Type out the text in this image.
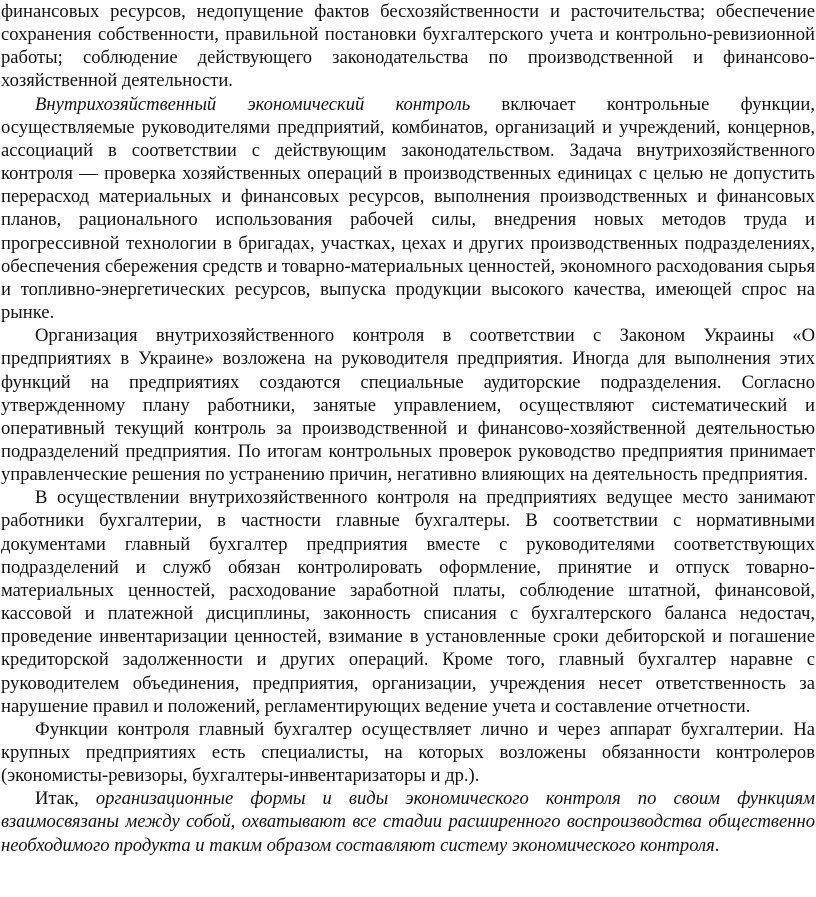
финансовых ресурсов, недопущение фактов бесхозяйственности и расточительства; обеспечение сохранения собственности, правильной постановки бухгалтерского учета и контрольно-ревизионной работы; соблюдение действующего законодательства по производственной и финансово-хозяйственной деятельности.

Внутрихозяйственный экономический контроль включает контрольные функции, осуществляемые руководителями предприятий, комбинатов, организаций и учреждений, концернов, ассоциаций в соответствии с действующим законодательством. Задача внутрихозяйственного контроля — проверка хозяйственных операций в производственных единицах с целью не допустить перерасход материальных и финансовых ресурсов, выполнения производственных и финансовых планов, рационального использования рабочей силы, внедрения новых методов труда и прогрессивной технологии в бригадах, участках, цехах и других производственных подразделениях, обеспечения сбережения средств и товарно-материальных ценностей, экономного расходования сырья и топливно-энергетических ресурсов, выпуска продукции высокого качества, имеющей спрос на рынке.

Организация внутрихозяйственного контроля в соответствии с Законом Украины «О предприятиях в Украине» возложена на руководителя предприятия. Иногда для выполнения этих функций на предприятиях создаются специальные аудиторские подразделения. Согласно утвержденному плану работники, занятые управлением, осуществляют систематический и оперативный текущий контроль за производственной и финансово-хозяйственной деятельностью подразделений предприятия. По итогам контрольных проверок руководство предприятия принимает управленческие решения по устранению причин, негативно влияющих на деятельность предприятия.

В осуществлении внутрихозяйственного контроля на предприятиях ведущее место занимают работники бухгалтерии, в частности главные бухгалтеры. В соответствии с нормативными документами главный бухгалтер предприятия вместе с руководителями соответствующих подразделений и служб обязан контролировать оформление, принятие и отпуск товарно-материальных ценностей, расходование заработной платы, соблюдение штатной, финансовой, кассовой и платежной дисциплины, законность списания с бухгалтерского баланса недостач, проведение инвентаризации ценностей, взимание в установленные сроки дебиторской и погашение кредиторской задолженности и других операций. Кроме того, главный бухгалтер наравне с руководителем объединения, предприятия, организации, учреждения несет ответственность за нарушение правил и положений, регламентирующих ведение учета и составление отчетности.

Функции контроля главный бухгалтер осуществляет лично и через аппарат бухгалтерии. На крупных предприятиях есть специалисты, на которых возложены обязанности контролеров (экономисты-ревизоры, бухгалтеры-инвентаризаторы и др.).

Итак, организационные формы и виды экономического контроля по своим функциям взаимосвязаны между собой, охватывают все стадии расширенного воспроизводства общественно необходимого продукта и таким образом составляют систему экономического контроля.
